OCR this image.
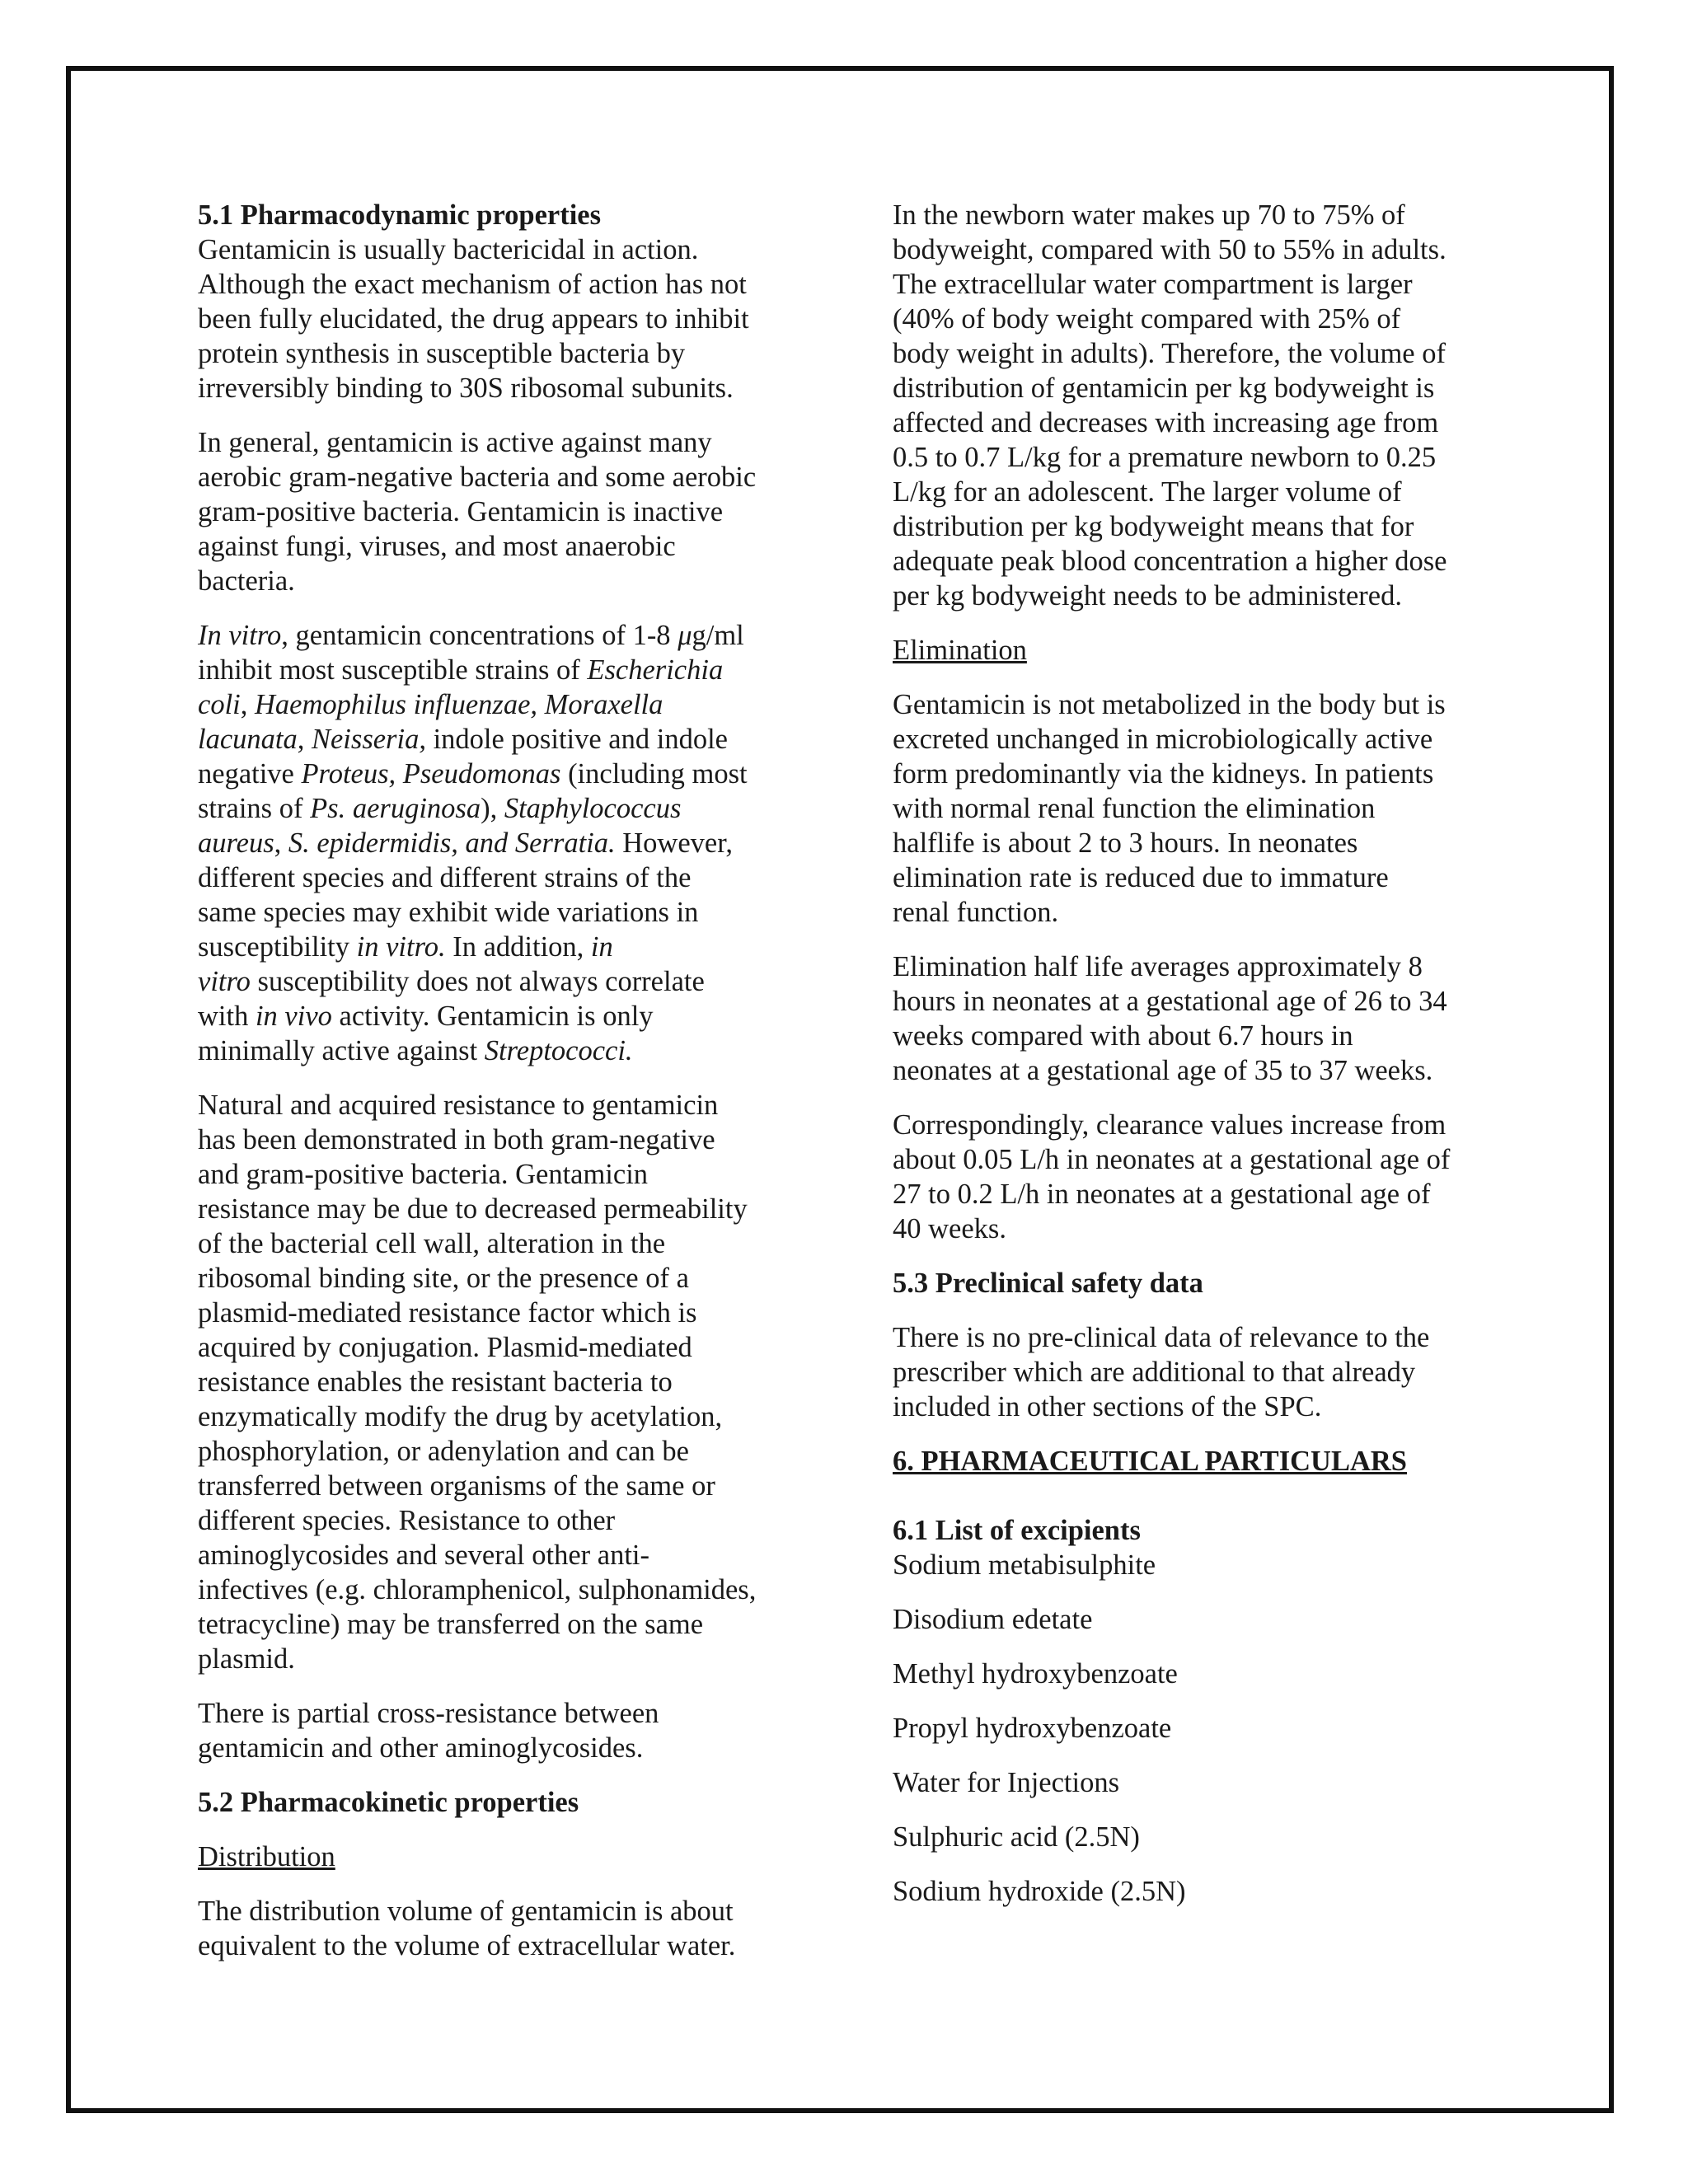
5.1 Pharmacodynamic properties
Gentamicin is usually bactericidal in action.
Although the exact mechanism of action has not
been fully elucidated, the drug appears to inhibit
protein synthesis in susceptible bacteria by
irreversibly binding to 30S ribosomal subunits.
In general, gentamicin is active against many
aerobic gram-negative bacteria and some aerobic
gram-positive bacteria. Gentamicin is inactive
against fungi, viruses, and most anaerobic
bacteria.
In vitro, gentamicin concentrations of 1-8 μg/ml
inhibit most susceptible strains of Escherichia
coli, Haemophilus influenzae, Moraxella
lacunata, Neisseria, indole positive and indole
negative Proteus, Pseudomonas (including most
strains of Ps. aeruginosa), Staphylococcus
aureus, S. epidermidis, and Serratia. However,
different species and different strains of the
same species may exhibit wide variations in
susceptibility in vitro. In addition, in
vitro susceptibility does not always correlate
with in vivo activity. Gentamicin is only
minimally active against Streptococci.
Natural and acquired resistance to gentamicin
has been demonstrated in both gram-negative
and gram-positive bacteria. Gentamicin
resistance may be due to decreased permeability
of the bacterial cell wall, alteration in the
ribosomal binding site, or the presence of a
plasmid-mediated resistance factor which is
acquired by conjugation. Plasmid-mediated
resistance enables the resistant bacteria to
enzymatically modify the drug by acetylation,
phosphorylation, or adenylation and can be
transferred between organisms of the same or
different species. Resistance to other
aminoglycosides and several other anti-
infectives (e.g. chloramphenicol, sulphonamides,
tetracycline) may be transferred on the same
plasmid.
There is partial cross-resistance between
gentamicin and other aminoglycosides.
5.2 Pharmacokinetic properties
Distribution
The distribution volume of gentamicin is about
equivalent to the volume of extracellular water.
In the newborn water makes up 70 to 75% of
bodyweight, compared with 50 to 55% in adults.
The extracellular water compartment is larger
(40% of body weight compared with 25% of
body weight in adults). Therefore, the volume of
distribution of gentamicin per kg bodyweight is
affected and decreases with increasing age from
0.5 to 0.7 L/kg for a premature newborn to 0.25
L/kg for an adolescent. The larger volume of
distribution per kg bodyweight means that for
adequate peak blood concentration a higher dose
per kg bodyweight needs to be administered.
Elimination
Gentamicin is not metabolized in the body but is
excreted unchanged in microbiologically active
form predominantly via the kidneys. In patients
with normal renal function the elimination
halflife is about 2 to 3 hours. In neonates
elimination rate is reduced due to immature
renal function.
Elimination half life averages approximately 8
hours in neonates at a gestational age of 26 to 34
weeks compared with about 6.7 hours in
neonates at a gestational age of 35 to 37 weeks.
Correspondingly, clearance values increase from
about 0.05 L/h in neonates at a gestational age of
27 to 0.2 L/h in neonates at a gestational age of
40 weeks.
5.3 Preclinical safety data
There is no pre-clinical data of relevance to the
prescriber which are additional to that already
included in other sections of the SPC.
6. PHARMACEUTICAL PARTICULARS
6.1 List of excipients
Sodium metabisulphite
Disodium edetate
Methyl hydroxybenzoate
Propyl hydroxybenzoate
Water for Injections
Sulphuric acid (2.5N)
Sodium hydroxide (2.5N)
